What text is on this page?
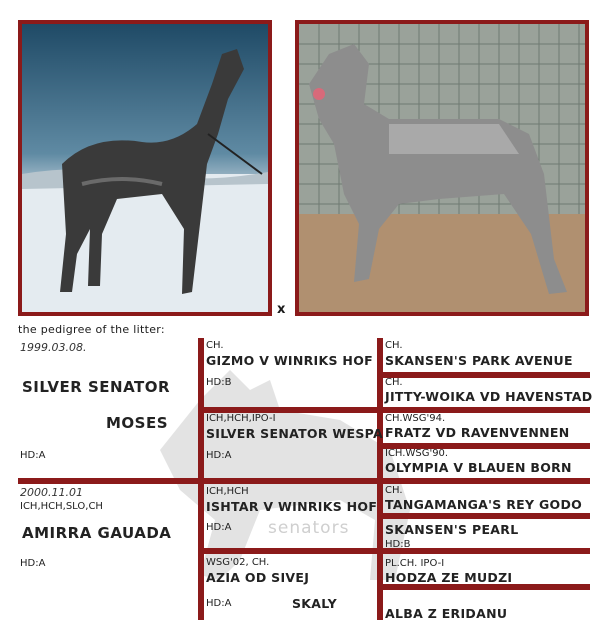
x
the pedigree of the litter:
senators
1999.03.08.
SILVER SENATOR
MOSES
HD:A
2000.11.01
ICH,HCH,SLO,CH
AMIRRA GAUADA
HD:A
CH.
GIZMO V WINRIKS HOF
HD:B
ICH,HCH,IPO-I
SILVER SENATOR WESPA
HD:A
ICH,HCH
ISHTAR V WINRIKS HOF
HD:A
WSG'02, CH.
AZIA OD SIVEJ
HD:A	SKALY
CH.
SKANSEN'S PARK AVENUE
CH.
JITTY-WOIKA VD HAVENSTAD
CH.WSG'94.
FRATZ VD RAVENVENNEN
ICH.WSG'90.
OLYMPIA V BLAUEN BORN
CH.
TANGAMANGA'S REY GODO
SKANSEN'S PEARL
HD:B
PL.CH. IPO-I
HODZA ZE MUDZI
ALBA Z ERIDANU
